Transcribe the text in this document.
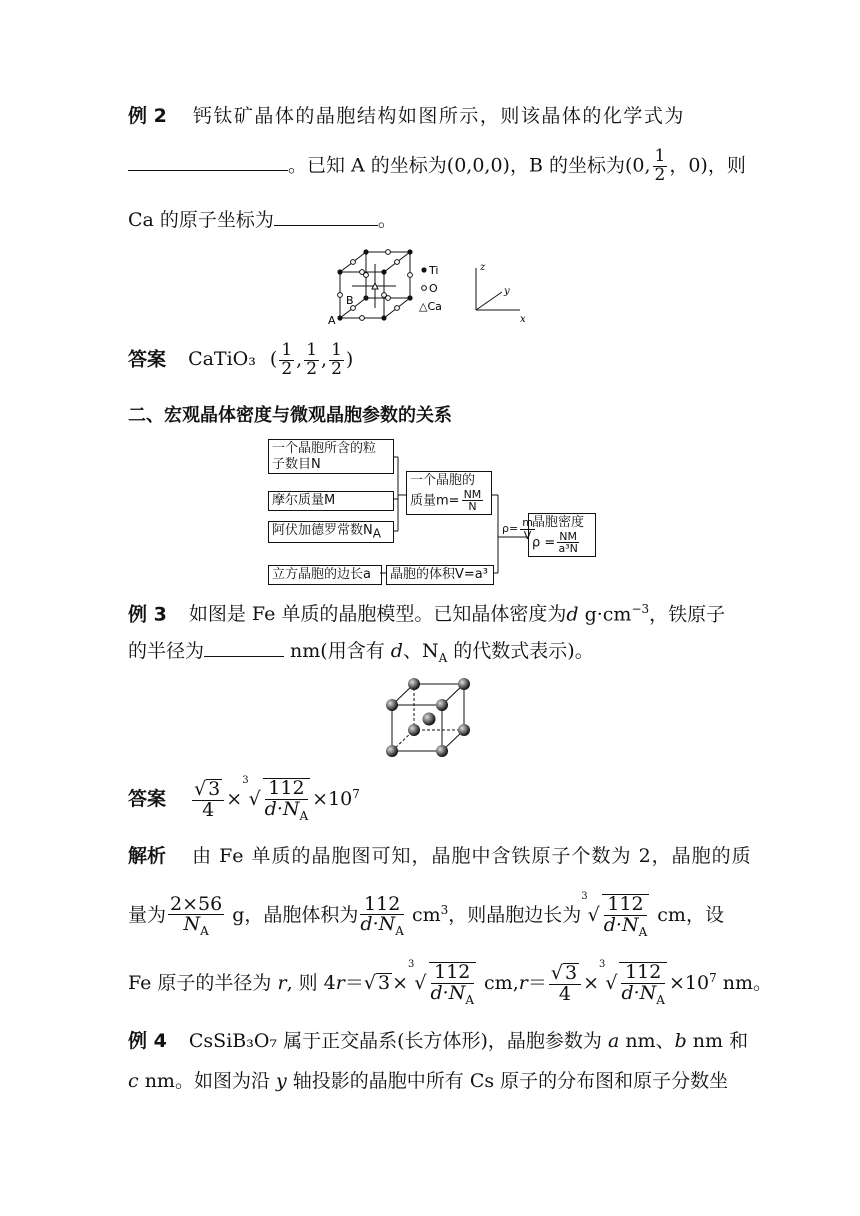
例 2 钙钛矿晶体的晶胞结构如图所示，则该晶体的化学式为
。已知 A 的坐标为(0,0,0)，B 的坐标为(0, $\frac{1}{2}$ ，0)，则
Ca 的原子坐标为	。
A
B
Ti
O
△Ca
z
y
x
答案 CaTiO₃ ( $\frac{1}{2}$ , $\frac{1}{2}$ , $\frac{1}{2}$ )
二、宏观晶体密度与微观晶胞参数的关系
一个晶胞所含的粒
子数目N
摩尔质量M
阿伏加德罗常数$N_A$
一个晶胞的
质量$m= \frac{NM}{N}$
晶胞密度
$\rho = \frac{NM}{\text{a³N}}$
立方晶胞的边长a	晶胞的体积V=a³
$\rho= \frac{m}{V}$
例 3 如图是 Fe 单质的晶胞模型。已知晶体密度为d $g\cdot cm^{-3}$，铁原子
的半径为	nm(用含有 d、$N_A$ 的代数式表示)。
答案 $\frac{√ 3}{4} \times^3√ \frac{112}{d\cdot N_A} \times 10^7$
解析 由 Fe 单质的晶胞图可知，晶胞中含铁原子个数为 2，晶胞的质
量为 $\frac{2\times 56}{N_A}$ g，晶胞体积为 $\frac{112}{d\cdot N_A} cm^3$，则晶胞边长为$^3√ \frac{112}{d\cdot N_A}$ cm，设
Fe 原子的半径为 r, 则 4r＝√ $3 \times^3√ \frac{112}{d\cdot N_A} cm,r= \frac{√ 3}{4} \times^3√ \frac{112}{d\cdot N_A} \times 10^7$ nm。
例 4 CsSiB₃O₇ 属于正交晶系(长方体形)，晶胞参数为 a nm、b nm 和
c nm。如图为沿 y 轴投影的晶胞中所有 Cs 原子的分布图和原子分数坐
